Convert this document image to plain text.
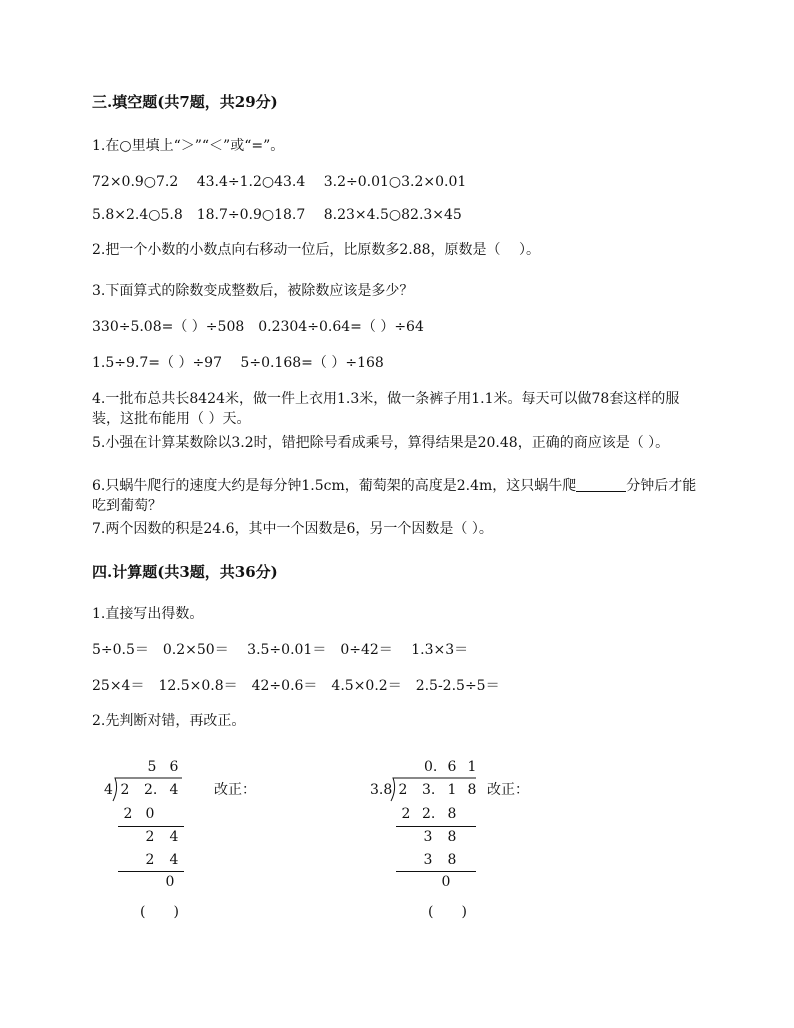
三.填空题(共7题，共29分)
1.在○里填上“＞”“＜”或“=”。
72×0.9○7.2　 43.4÷1.2○43.4　 3.2÷0.01○3.2×0.01
5.8×2.4○5.8　18.7÷0.9○18.7　 8.23×4.5○82.3×45
2.把一个小数的小数点向右移动一位后，比原数多2.88，原数是（　 ）。
3.下面算式的除数变成整数后，被除数应该是多少？
330÷5.08=（ ）÷508　0.2304÷0.64=（ ）÷64
1.5÷9.7=（ ）÷97　 5÷0.168=（ ）÷168
4.一批布总共长8424米，做一件上衣用1.3米，做一条裤子用1.1米。每天可以做78套这样的服装，这批布能用（ ）天。
5.小强在计算某数除以3.2时，错把除号看成乘号，算得结果是20.48，正确的商应该是（ ）。
6.只蜗牛爬行的速度大约是每分钟1.5cm，葡萄架的高度是2.4m，这只蜗牛爬	分钟后才能吃到葡萄？
7.两个因数的积是24.6，其中一个因数是6，另一个因数是（ ）。
四.计算题(共3题，共36分)
1.直接写出得数。
5÷0.5＝　0.2×50＝　 3.5÷0.01＝　0÷42＝　 1.3×3＝
25×4＝　12.5×0.8＝　42÷0.6＝　4.5×0.2＝　2.5-2.5÷5＝
2.先判断对错，再改正。
5 6
4 2 2. 4
2 0
2 4
2 4
0
改正：
(　　)
0. 6 1
3.8 2 3. 1 8
2 2. 8
3 8
3 8
0
改正：
(　　)
